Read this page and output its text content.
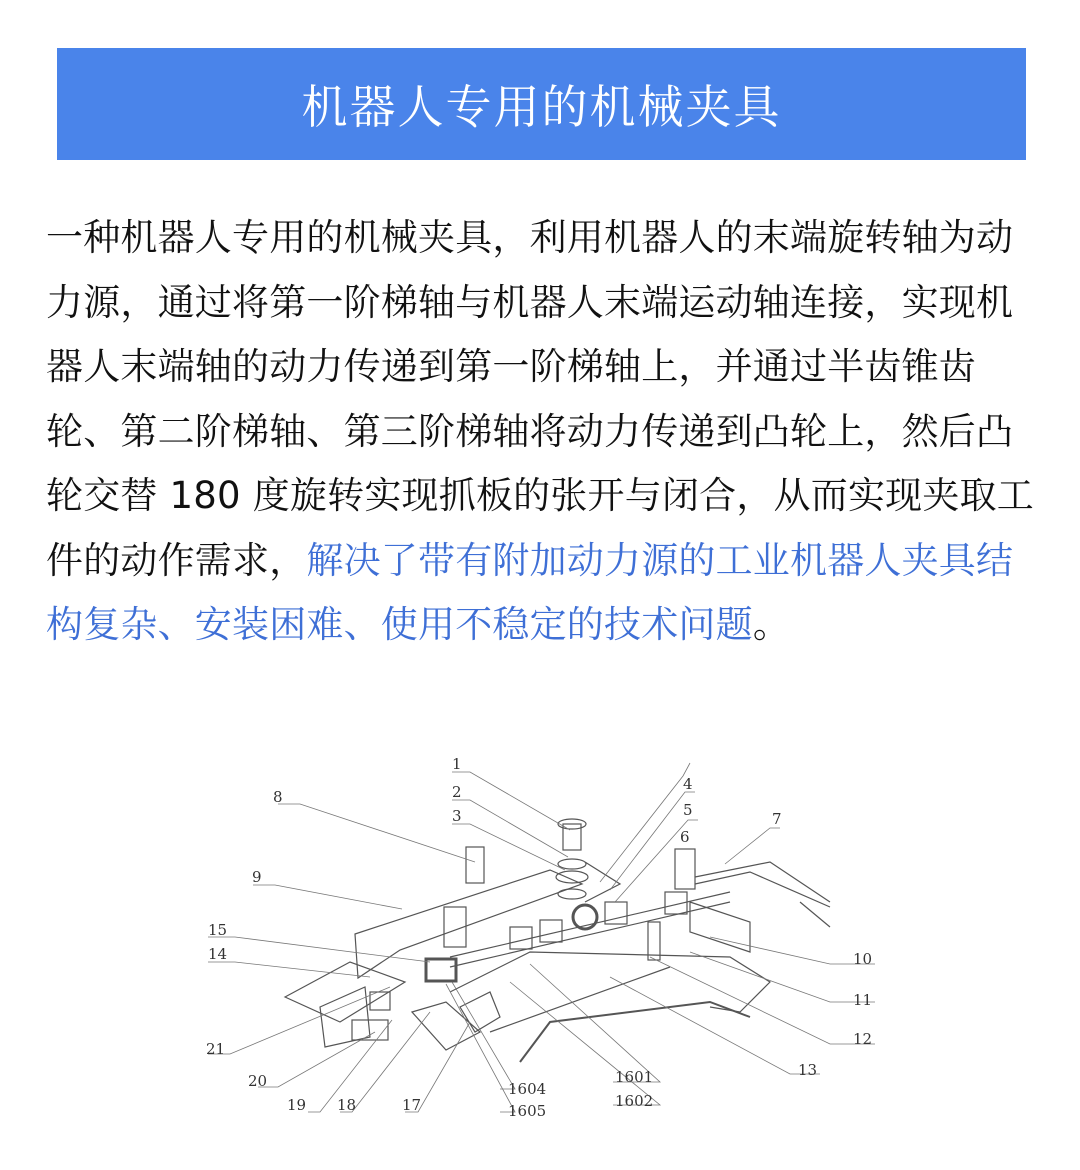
机器人专用的机械夹具
一种机器人专用的机械夹具，利用机器人的末端旋转轴为动力源，通过将第一阶梯轴与机器人末端运动轴连接，实现机器人末端轴的动力传递到第一阶梯轴上，并通过半齿锥齿轮、第二阶梯轴、第三阶梯轴将动力传递到凸轮上，然后凸轮交替 180 度旋转实现抓板的张开与闭合，从而实现夹取工件的动作需求，解决了带有附加动力源的工业机器人夹具结构复杂、安装困难、使用不稳定的技术问题。
1
2
3
4
5
6
7
8
9
10
11
12
13
14
15
17
18
19
20
21
1601
1602
1604
1605
